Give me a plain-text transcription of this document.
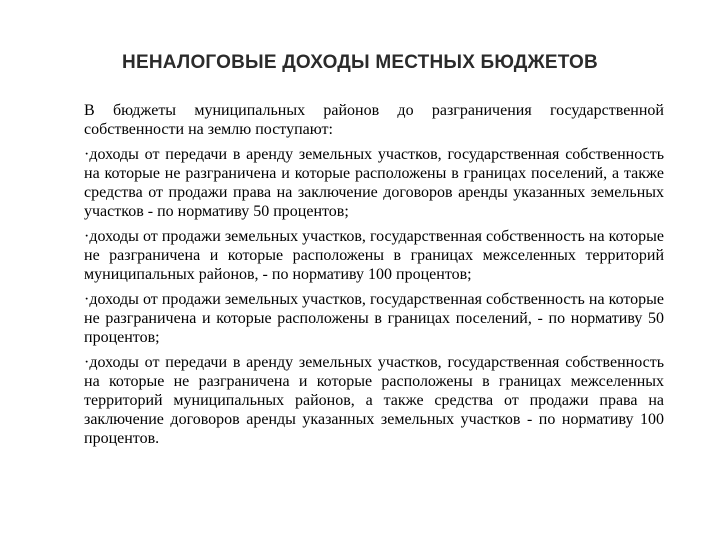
НЕНАЛОГОВЫЕ ДОХОДЫ МЕСТНЫХ БЮДЖЕТОВ

В бюджеты муниципальных районов до разграничения государственной собственности на землю поступают:

·доходы от передачи в аренду земельных участков, государственная собственность на которые не разграничена и которые расположены в границах поселений, а также средства от продажи права на заключение договоров аренды указанных земельных участков - по нормативу 50 процентов;

·доходы от продажи земельных участков, государственная собственность на которые не разграничена и которые расположены в границах межселенных территорий муниципальных районов, - по нормативу 100 процентов;

·доходы от продажи земельных участков, государственная собственность на которые не разграничена и которые расположены в границах поселений, - по нормативу 50 процентов;

·доходы от передачи в аренду земельных участков, государственная собственность на которые не разграничена и которые расположены в границах межселенных территорий муниципальных районов, а также средства от продажи права на заключение договоров аренды указанных земельных участков - по нормативу 100 процентов.
